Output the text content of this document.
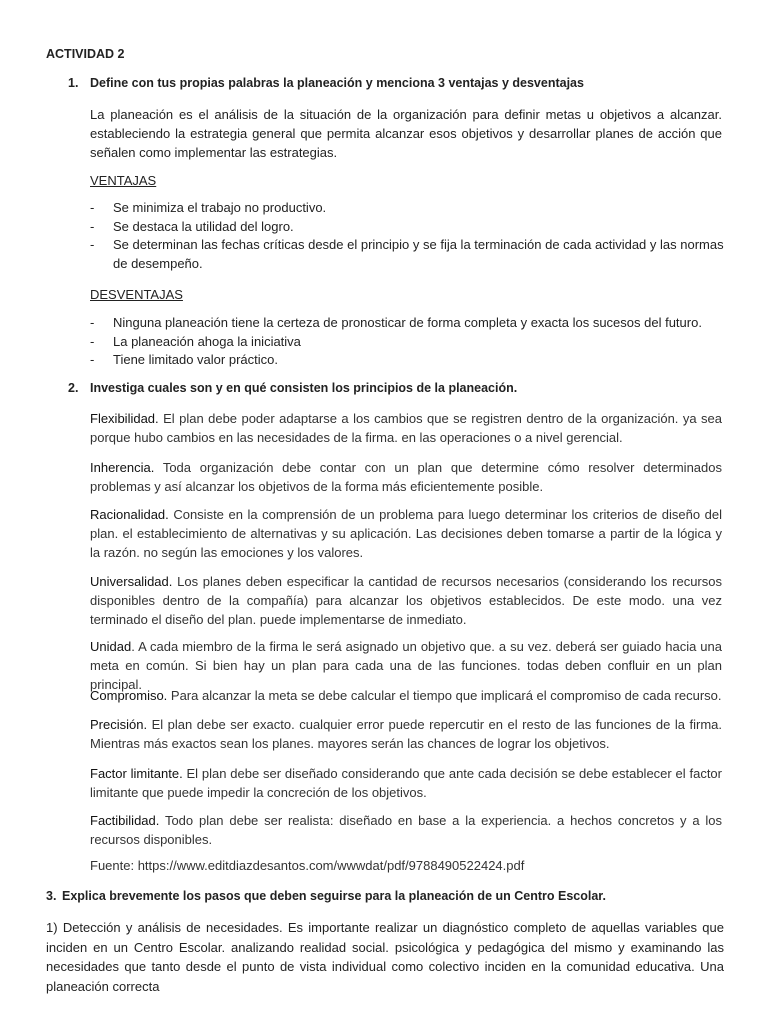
ACTIVIDAD 2
1. Define con tus propias palabras la planeación y menciona 3 ventajas y desventajas
La planeación es el análisis de la situación de la organización para definir metas u objetivos a alcanzar. estableciendo la estrategia general que permita alcanzar esos objetivos y desarrollar planes de acción que señalen como implementar las estrategias.
VENTAJAS
- Se minimiza el trabajo no productivo.
- Se destaca la utilidad del logro.
- Se determinan las fechas críticas desde el principio y se fija la terminación de cada actividad y las normas de desempeño.
DESVENTAJAS
- Ninguna planeación tiene la certeza de pronosticar de forma completa y exacta los sucesos del futuro.
- La planeación ahoga la iniciativa
- Tiene limitado valor práctico.
2. Investiga cuales son y en qué consisten los principios de la planeación.
Flexibilidad. El plan debe poder adaptarse a los cambios que se registren dentro de la organización. ya sea porque hubo cambios en las necesidades de la firma. en las operaciones o a nivel gerencial.
Inherencia. Toda organización debe contar con un plan que determine cómo resolver determinados problemas y así alcanzar los objetivos de la forma más eficientemente posible.
Racionalidad. Consiste en la comprensión de un problema para luego determinar los criterios de diseño del plan. el establecimiento de alternativas y su aplicación. Las decisiones deben tomarse a partir de la lógica y la razón. no según las emociones y los valores.
Universalidad. Los planes deben especificar la cantidad de recursos necesarios (considerando los recursos disponibles dentro de la compañía) para alcanzar los objetivos establecidos. De este modo. una vez terminado el diseño del plan. puede implementarse de inmediato.
Unidad. A cada miembro de la firma le será asignado un objetivo que. a su vez. deberá ser guiado hacia una meta en común. Si bien hay un plan para cada una de las funciones. todas deben confluir en un plan principal.
Compromiso. Para alcanzar la meta se debe calcular el tiempo que implicará el compromiso de cada recurso.
Precisión. El plan debe ser exacto. cualquier error puede repercutir en el resto de las funciones de la firma. Mientras más exactos sean los planes. mayores serán las chances de lograr los objetivos.
Factor limitante. El plan debe ser diseñado considerando que ante cada decisión se debe establecer el factor limitante que puede impedir la concreción de los objetivos.
Factibilidad. Todo plan debe ser realista: diseñado en base a la experiencia. a hechos concretos y a los recursos disponibles.
Fuente: https://www.editdiazdesantos.com/wwwdat/pdf/9788490522424.pdf
3. Explica brevemente los pasos que deben seguirse para la planeación de un Centro Escolar.
1) Detección y análisis de necesidades. Es importante realizar un diagnóstico completo de aquellas variables que inciden en un Centro Escolar. analizando realidad social. psicológica y pedagógica del mismo y examinando las necesidades que tanto desde el punto de vista individual como colectivo inciden en la comunidad educativa. Una planeación correcta
